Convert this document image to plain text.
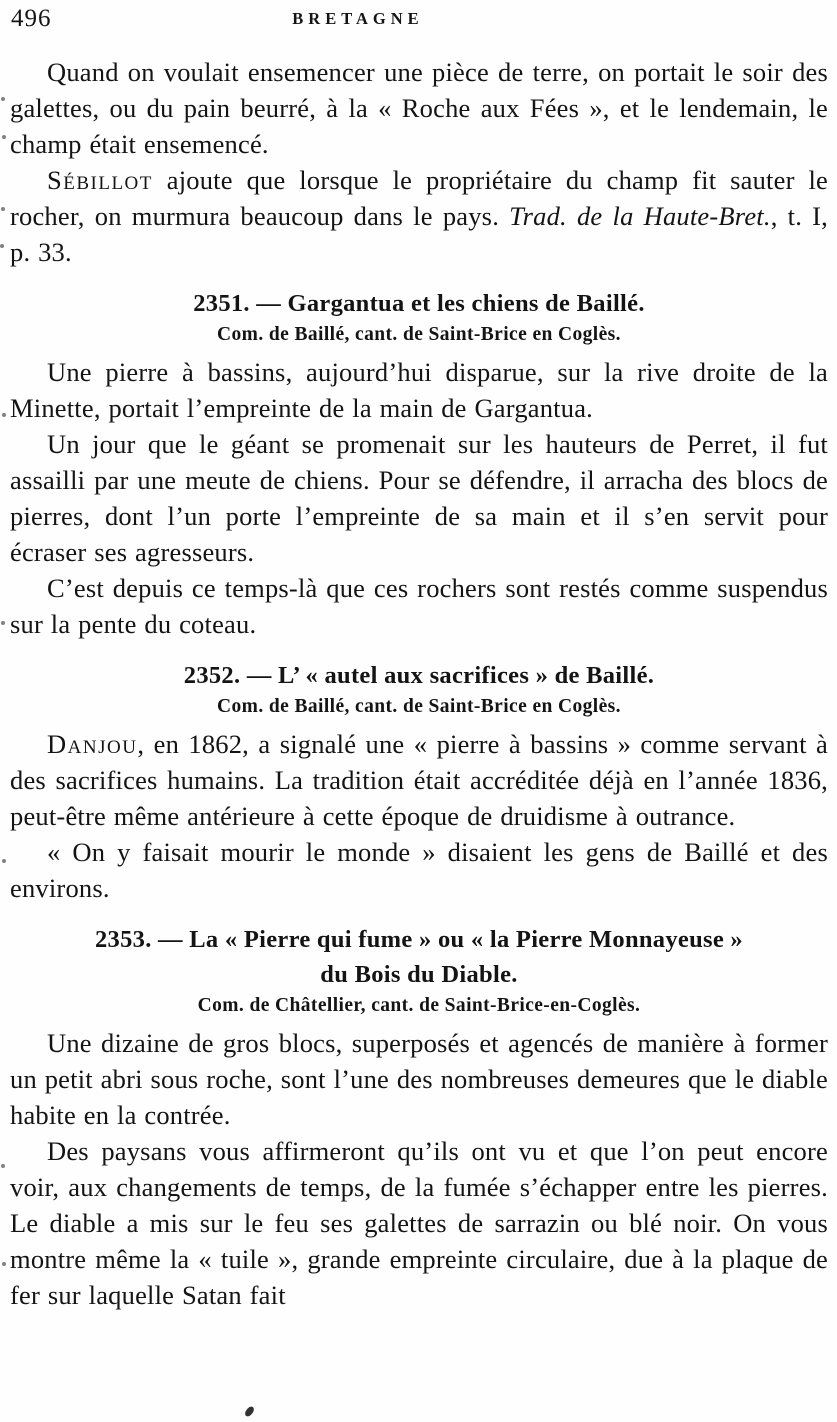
496	BRETAGNE

Quand on voulait ensemencer une pièce de terre, on portait le soir des galettes, ou du pain beurré, à la « Roche aux Fées », et le lendemain, le champ était ensemencé.

Sébillot ajoute que lorsque le propriétaire du champ fit sauter le rocher, on murmura beaucoup dans le pays. Trad. de la Haute-Bret., t. I, p. 33.

2351. — Gargantua et les chiens de Baillé.
Com. de Baillé, cant. de Saint-Brice en Coglès.

Une pierre à bassins, aujourd’hui disparue, sur la rive droite de la Minette, portait l’empreinte de la main de Gargantua.

Un jour que le géant se promenait sur les hauteurs de Perret, il fut assailli par une meute de chiens. Pour se défendre, il arracha des blocs de pierres, dont l’un porte l’empreinte de sa main et il s’en servit pour écraser ses agresseurs.

C’est depuis ce temps-là que ces rochers sont restés comme suspendus sur la pente du coteau.

2352. — L’ « autel aux sacrifices » de Baillé.
Com. de Baillé, cant. de Saint-Brice en Coglès.

Danjou, en 1862, a signalé une « pierre à bassins » comme servant à des sacrifices humains. La tradition était accréditée déjà en l’année 1836, peut-être même antérieure à cette époque de druidisme à outrance.

« On y faisait mourir le monde » disaient les gens de Baillé et des environs.

2353. — La « Pierre qui fume » ou « la Pierre Monnayeuse »
du Bois du Diable.
Com. de Châtellier, cant. de Saint-Brice-en-Coglès.

Une dizaine de gros blocs, superposés et agencés de manière à former un petit abri sous roche, sont l’une des nombreuses demeures que le diable habite en la contrée.

Des paysans vous affirmeront qu’ils ont vu et que l’on peut encore voir, aux changements de temps, de la fumée s’échapper entre les pierres. Le diable a mis sur le feu ses galettes de sarrazin ou blé noir. On vous montre même la « tuile », grande empreinte circulaire, due à la plaque de fer sur laquelle Satan fait
